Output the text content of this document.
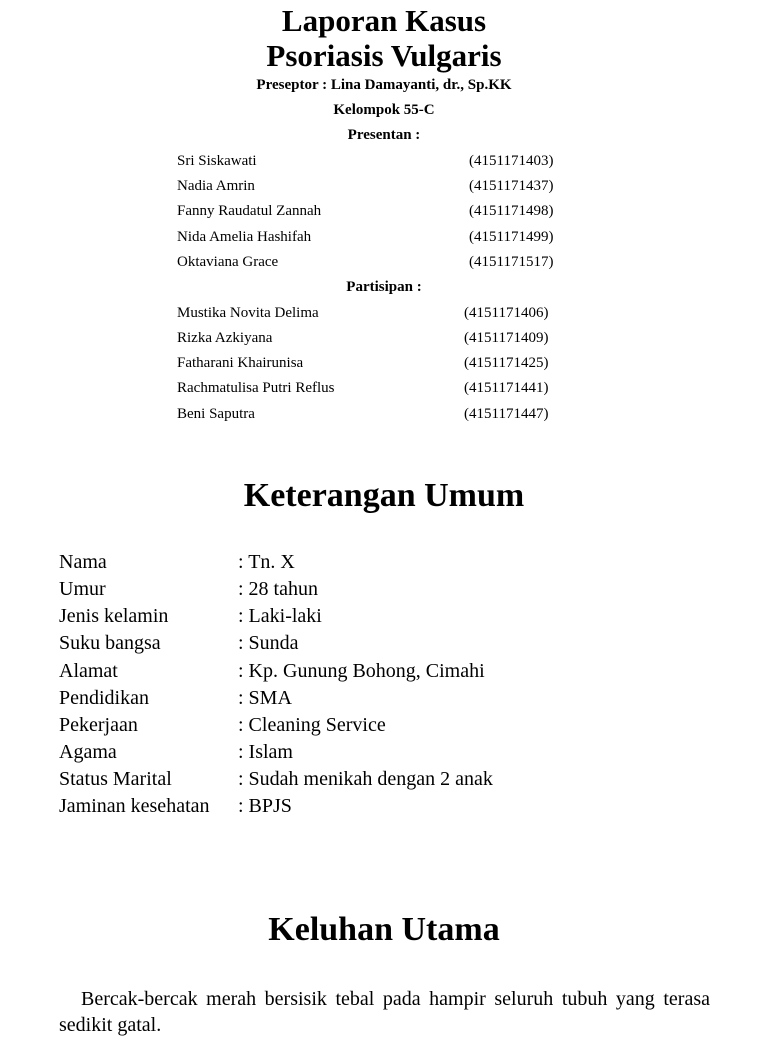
Laporan Kasus
Psoriasis Vulgaris
Preseptor : Lina Damayanti, dr., Sp.KK
Kelompok 55-C
Presentan :
Sri Siskawati	(4151171403)
Nadia Amrin	(4151171437)
Fanny Raudatul Zannah	(4151171498)
Nida Amelia Hashifah	(4151171499)
Oktaviana Grace	(4151171517)
Partisipan :
Mustika Novita Delima	(4151171406)
Rizka Azkiyana	(4151171409)
Fatharani Khairunisa	(4151171425)
Rachmatulisa Putri Reflus	(4151171441)
Beni Saputra	(4151171447)
Keterangan Umum
Nama	: Tn. X
Umur	: 28 tahun
Jenis kelamin	: Laki-laki
Suku bangsa	: Sunda
Alamat	: Kp. Gunung Bohong, Cimahi
Pendidikan	: SMA
Pekerjaan	: Cleaning Service
Agama	: Islam
Status Marital	: Sudah menikah dengan 2 anak
Jaminan kesehatan : BPJS
Keluhan Utama
Bercak-bercak merah bersisik tebal pada hampir seluruh tubuh yang terasa sedikit gatal.
